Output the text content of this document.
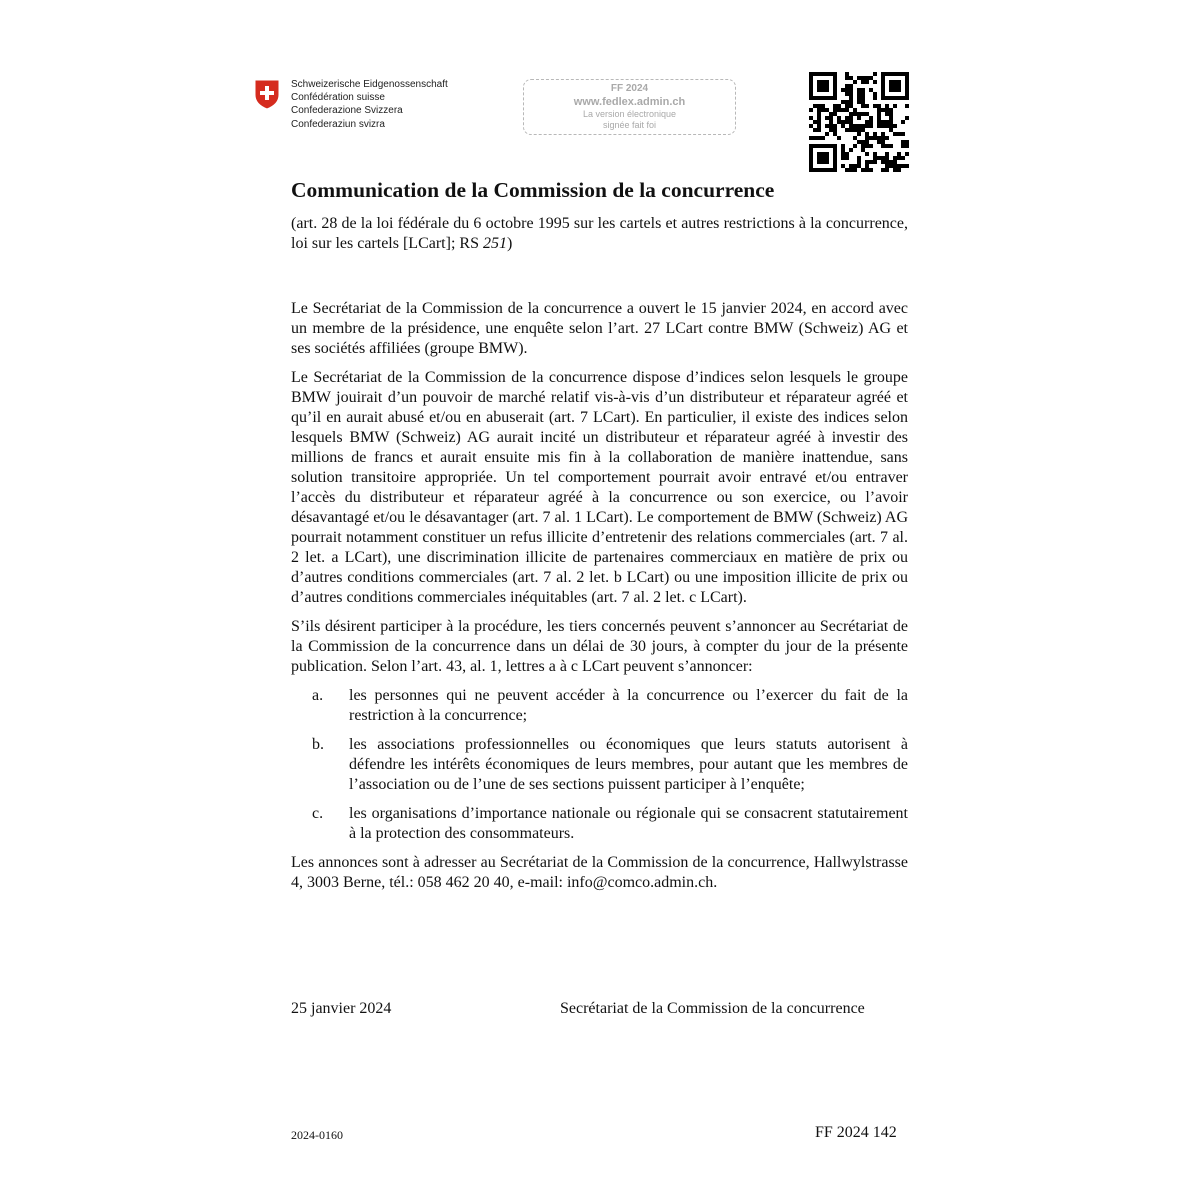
Schweizerische Eidgenossenschaft
Confédération suisse
Confederazione Svizzera
Confederaziun svizra
FF 2024
www.fedlex.admin.ch
La version électronique
signée fait foi
Communication de la Commission de la concurrence
(art. 28 de la loi fédérale du 6 octobre 1995 sur les cartels et autres restrictions à la concurrence, loi sur les cartels [LCart]; RS 251)

Le Secrétariat de la Commission de la concurrence a ouvert le 15 janvier 2024, en accord avec un membre de la présidence, une enquête selon l’art. 27 LCart contre BMW (Schweiz) AG et ses sociétés affiliées (groupe BMW).

Le Secrétariat de la Commission de la concurrence dispose d’indices selon lesquels le groupe BMW jouirait d’un pouvoir de marché relatif vis-à-vis d’un distributeur et réparateur agréé et qu’il en aurait abusé et/ou en abuserait (art. 7 LCart). En particulier, il existe des indices selon lesquels BMW (Schweiz) AG aurait incité un distributeur et réparateur agréé à investir des millions de francs et aurait ensuite mis fin à la collaboration de manière inattendue, sans solution transitoire appropriée. Un tel comportement pourrait avoir entravé et/ou entraver l’accès du distributeur et réparateur agréé à la concurrence ou son exercice, ou l’avoir désavantagé et/ou le désavantager (art. 7 al. 1 LCart). Le comportement de BMW (Schweiz) AG pourrait notamment constituer un refus illicite d’entretenir des relations commerciales (art. 7 al. 2 let. a LCart), une discrimination illicite de partenaires commerciaux en matière de prix ou d’autres conditions commerciales (art. 7 al. 2 let. b LCart) ou une imposition illicite de prix ou d’autres conditions commerciales inéquitables (art. 7 al. 2 let. c LCart).

S’ils désirent participer à la procédure, les tiers concernés peuvent s’annoncer au Secrétariat de la Commission de la concurrence dans un délai de 30 jours, à compter du jour de la présente publication. Selon l’art. 43, al. 1, lettres a à c LCart peuvent s’annoncer:

a.	les personnes qui ne peuvent accéder à la concurrence ou l’exercer du fait de la restriction à la concurrence;
b.	les associations professionnelles ou économiques que leurs statuts autorisent à défendre les intérêts économiques de leurs membres, pour autant que les membres de l’association ou de l’une de ses sections puissent participer à l’enquête;
c.	les organisations d’importance nationale ou régionale qui se consacrent statutairement à la protection des consommateurs.

Les annonces sont à adresser au Secrétariat de la Commission de la concurrence, Hallwylstrasse 4, 3003 Berne, tél.: 058 462 20 40, e-mail: info@comco.admin.ch.

25 janvier 2024	Secrétariat de la Commission de la concurrence
2024-0160	FF 2024 142
